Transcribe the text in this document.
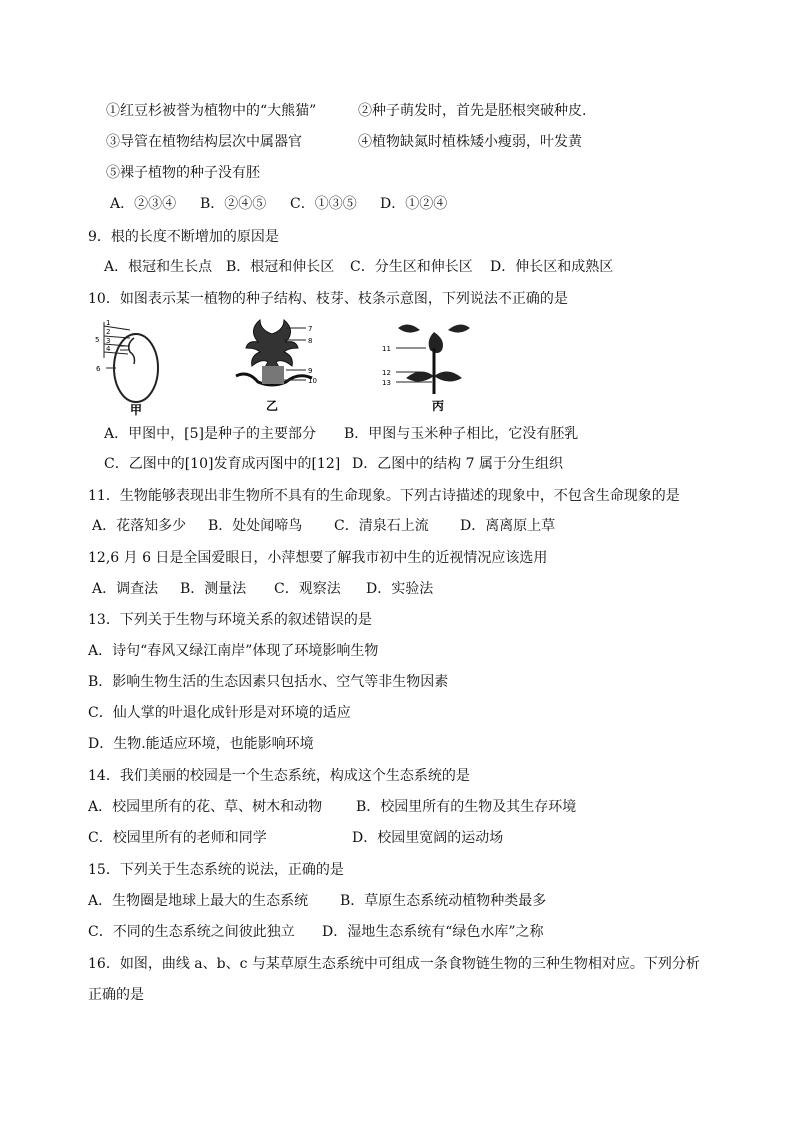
①红豆杉被誉为植物中的“大熊猫”	②种子萌发时，首先是胚根突破种皮.
③导管在植物结构层次中属器官	④植物缺氮时植株矮小瘦弱，叶发黄
⑤裸子植物的种子没有胚
A．②③④ B．②④⑤ C．①③⑤ D．①②④
9．根的长度不断增加的原因是
A．根冠和生长点 B．根冠和伸长区 C．分生区和伸长区 D．伸长区和成熟区
10．如图表示某一植物的种子结构、枝芽、枝条示意图，下列说法不正确的是
1
2
5 3
4
6
甲
7
8
9
10
乙
11
12
13
丙
A．甲图中，[5]是种子的主要部分 B．甲图与玉米种子相比，它没有胚乳
C．乙图中的[10]发育成丙图中的[12] D．乙图中的结构 7 属于分生组织
11．生物能够表现出非生物所不具有的生命现象。下列古诗描述的现象中，不包含生命现象的是
A．花落知多少 B．处处闻啼鸟 C．清泉石上流 D．离离原上草
12,6 月 6 日是全国爱眼日，小萍想要了解我市初中生的近视情况应该选用
A．调查法 B．测量法 C．观察法 D．实验法
13．下列关于生物与环境关系的叙述错误的是
A．诗句“春风又绿江南岸”体现了环境影响生物
B．影响生物生活的生态因素只包括水、空气等非生物因素
C．仙人掌的叶退化成针形是对环境的适应
D．生物.能适应环境，也能影响环境
14．我们美丽的校园是一个生态系统，构成这个生态系统的是
A．校园里所有的花、草、树木和动物 B．校园里所有的生物及其生存环境
C．校园里所有的老师和同学	D．校园里宽阔的运动场
15．下列关于生态系统的说法，正确的是
A．生物圈是地球上最大的生态系统 B．草原生态系统动植物种类最多
C．不同的生态系统之间彼此独立 D．湿地生态系统有“绿色水库”之称
16．如图，曲线 a、b、c 与某草原生态系统中可组成一条食物链生物的三种生物相对应。下列分析
正确的是
